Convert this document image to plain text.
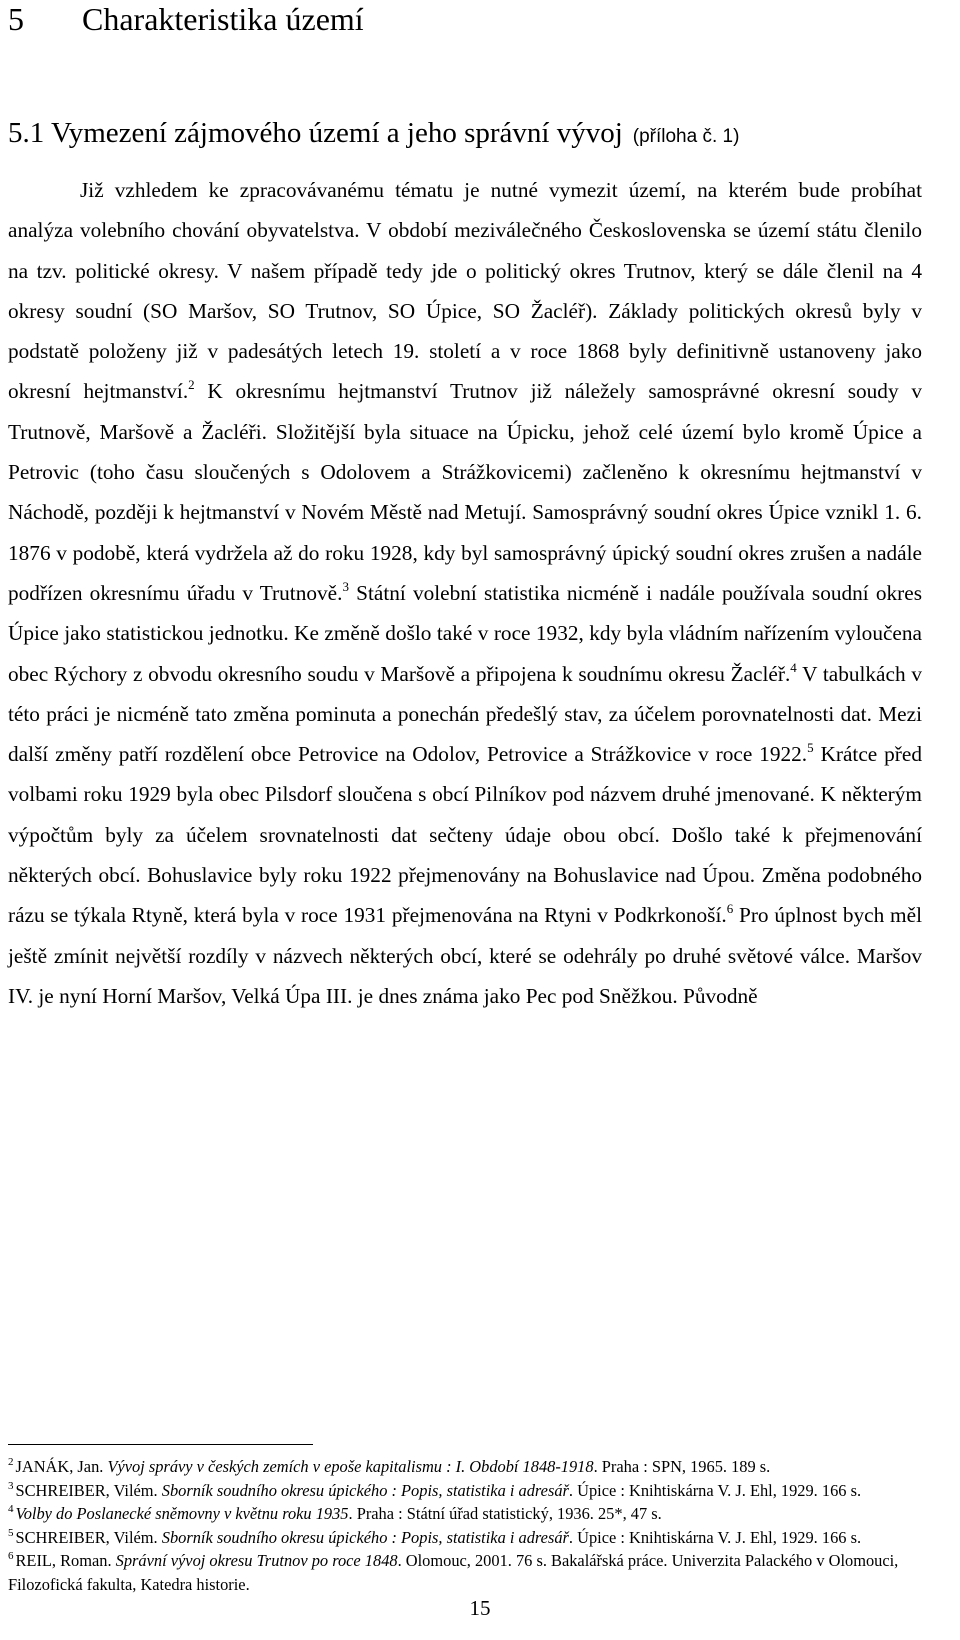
5 Charakteristika území
5.1 Vymezení zájmového území a jeho správní vývoj (příloha č. 1)

Již vzhledem ke zpracovávanému tématu je nutné vymezit území, na kterém bude probíhat analýza volebního chování obyvatelstva. V období meziválečného Československa se území státu členilo na tzv. politické okresy. V našem případě tedy jde o politický okres Trutnov, který se dále členil na 4 okresy soudní (SO Maršov, SO Trutnov, SO Úpice, SO Žacléř). Základy politických okresů byly v podstatě položeny již v padesátých letech 19. století a v roce 1868 byly definitivně ustanoveny jako okresní hejtmanství.$^2$ K okresnímu hejtmanství Trutnov již náležely samosprávné okresní soudy v Trutnově, Maršově a Žacléři. Složitější byla situace na Úpicku, jehož celé území bylo kromě Úpice a Petrovic (toho času sloučených s Odolovem a Strážkovicemi) začleněno k okresnímu hejtmanství v Náchodě, později k hejtmanství v Novém Městě nad Metují. Samosprávný soudní okres Úpice vznikl 1. 6. 1876 v podobě, která vydržela až do roku 1928, kdy byl samosprávný úpický soudní okres zrušen a nadále podřízen okresnímu úřadu v Trutnově.$^3$ Státní volební statistika nicméně i nadále používala soudní okres Úpice jako statistickou jednotku. Ke změně došlo také v roce 1932, kdy byla vládním nařízením vyloučena obec Rýchory z obvodu okresního soudu v Maršově a připojena k soudnímu okresu Žacléř.$^4$ V tabulkách v této práci je nicméně tato změna pominuta a ponechán předešlý stav, za účelem porovnatelnosti dat. Mezi další změny patří rozdělení obce Petrovice na Odolov, Petrovice a Strážkovice v roce 1922.$^5$ Krátce před volbami roku 1929 byla obec Pilsdorf sloučena s obcí Pilníkov pod názvem druhé jmenované. K některým výpočtům byly za účelem srovnatelnosti dat sečteny údaje obou obcí. Došlo také k přejmenování některých obcí. Bohuslavice byly roku 1922 přejmenovány na Bohuslavice nad Úpou. Změna podobného rázu se týkala Rtyně, která byla v roce 1931 přejmenována na Rtyni v Podkrkonoší.$^6$ Pro úplnost bych měl ještě zmínit největší rozdíly v názvech některých obcí, které se odehrály po druhé světové válce. Maršov IV. je nyní Horní Maršov, Velká Úpa III. je dnes známa jako Pec pod Sněžkou. Původně

$^2$ JANÁK, Jan. Vývoj správy v českých zemích v epoše kapitalismu : I. Období 1848-1918. Praha : SPN, 1965. 189 s.

$^3$ SCHREIBER, Vilém. Sborník soudního okresu úpického : Popis, statistika i adresář. Úpice : Knihtiskárna V. J. Ehl, 1929. 166 s.

$^4$ Volby do Poslanecké sněmovny v květnu roku 1935. Praha : Státní úřad statistický, 1936. 25*, 47 s.

$^5$ SCHREIBER, Vilém. Sborník soudního okresu úpického : Popis, statistika i adresář. Úpice : Knihtiskárna V. J. Ehl, 1929. 166 s.

$^6$ REIL, Roman. Správní vývoj okresu Trutnov po roce 1848. Olomouc, 2001. 76 s. Bakalářská práce. Univerzita Palackého v Olomouci, Filozofická fakulta, Katedra historie.

15
